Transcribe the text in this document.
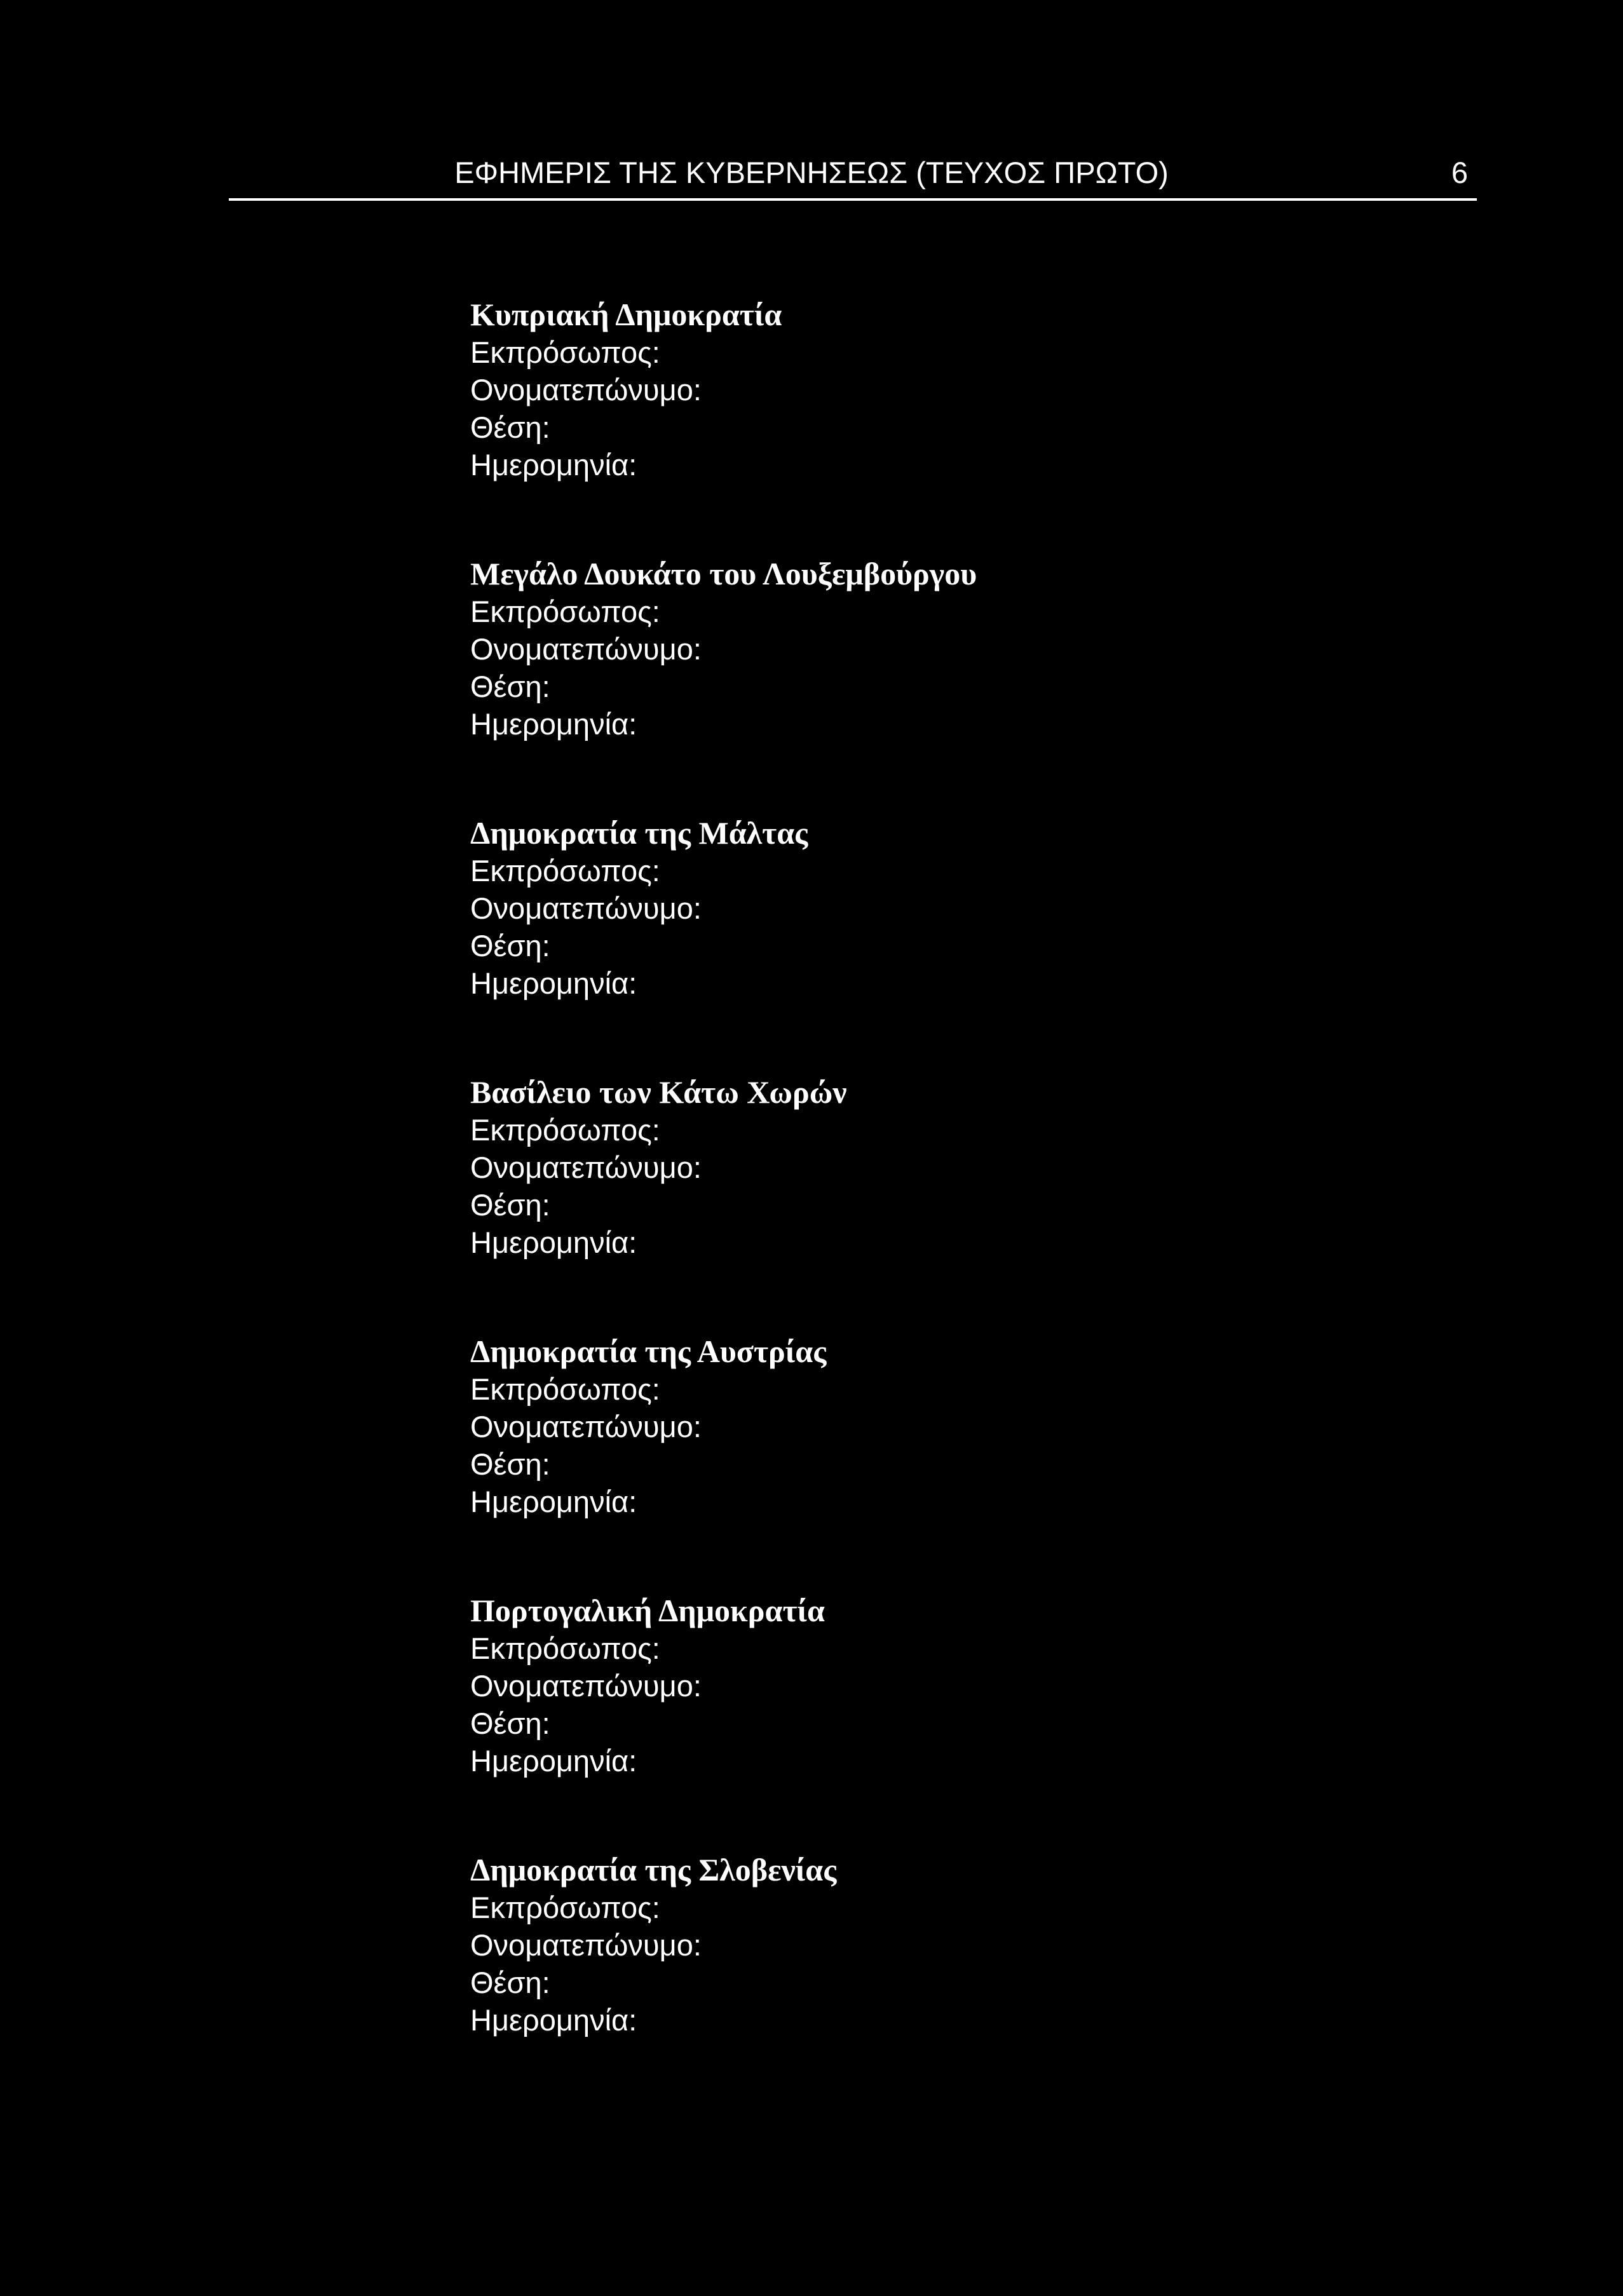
ΕΦΗΜΕΡΙΣ ΤΗΣ ΚΥΒΕΡΝΗΣΕΩΣ (ΤΕΥΧΟΣ ΠΡΩΤΟ)	6
Κυπριακή Δημοκρατία
Εκπρόσωπος:
Ονοματεπώνυμο:
Θέση:
Ημερομηνία:
Μεγάλο Δουκάτο του Λουξεμβούργου
Εκπρόσωπος:
Ονοματεπώνυμο:
Θέση:
Ημερομηνία:
Δημοκρατία της Μάλτας
Εκπρόσωπος:
Ονοματεπώνυμο:
Θέση:
Ημερομηνία:
Βασίλειο των Κάτω Χωρών
Εκπρόσωπος:
Ονοματεπώνυμο:
Θέση:
Ημερομηνία:
Δημοκρατία της Αυστρίας
Εκπρόσωπος:
Ονοματεπώνυμο:
Θέση:
Ημερομηνία:
Πορτογαλική Δημοκρατία
Εκπρόσωπος:
Ονοματεπώνυμο:
Θέση:
Ημερομηνία:
Δημοκρατία της Σλοβενίας
Εκπρόσωπος:
Ονοματεπώνυμο:
Θέση:
Ημερομηνία:
